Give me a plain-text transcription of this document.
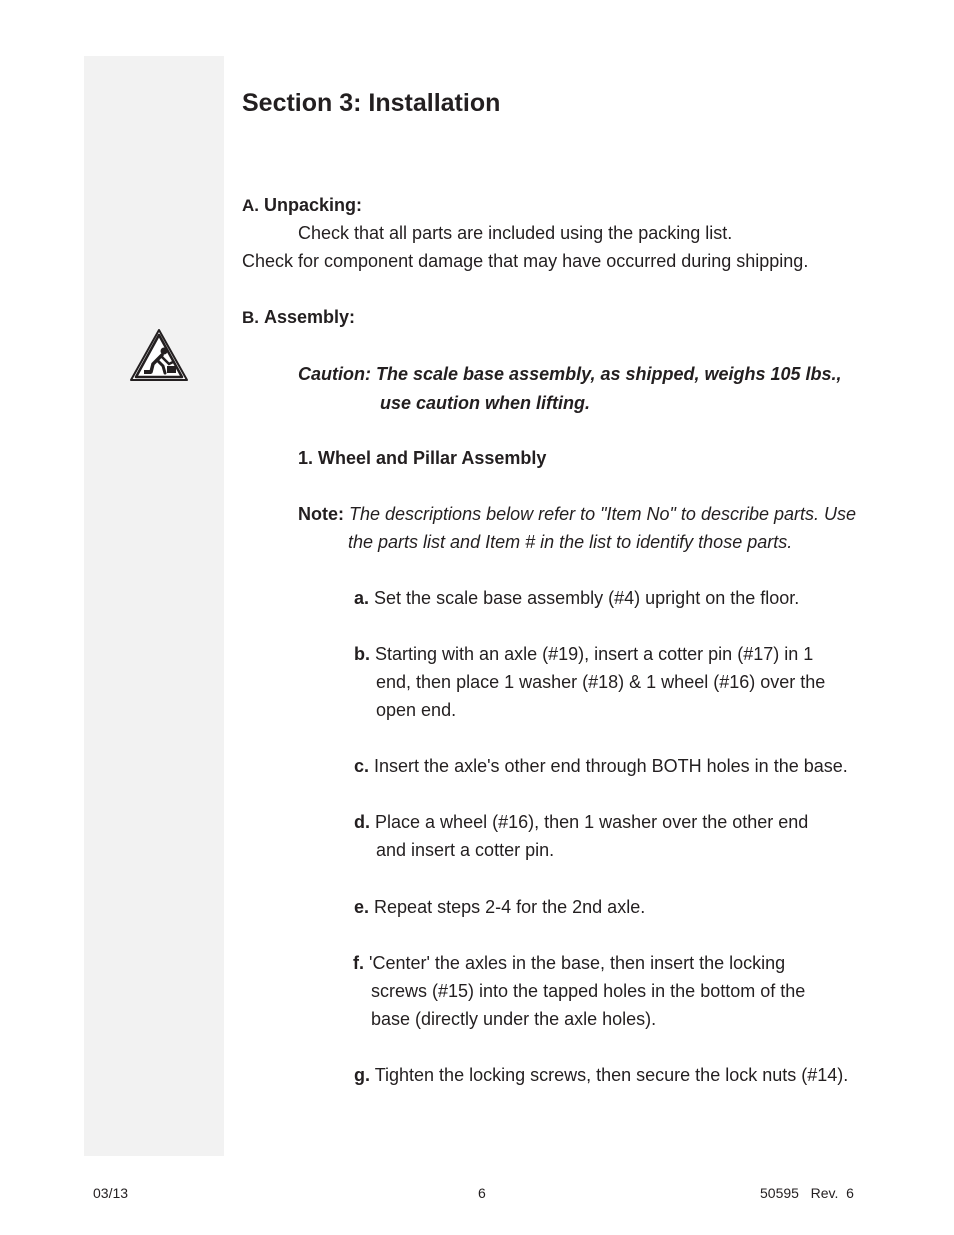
Section 3: Installation
A. Unpacking:
Check that all parts are included using the packing list.
Check for component damage that may have occurred during shipping.
B. Assembly:
Caution: The scale base assembly, as shipped, weighs 105 lbs.,
use caution when lifting.
1. Wheel and Pillar Assembly
Note: The descriptions below refer to "Item No" to describe parts. Use
the parts list and Item # in the list to identify those parts.
a. Set the scale base assembly (#4) upright on the floor.
b. Starting with an axle (#19), insert a cotter pin (#17) in 1
end, then place 1 washer (#18) & 1 wheel (#16) over the
open end.
c. Insert the axle's other end through BOTH holes in the base.
d. Place a wheel (#16), then 1 washer over the other end
and insert a cotter pin.
e. Repeat steps 2-4 for the 2nd axle.
f. 'Center' the axles in the base, then insert the locking
screws (#15) into the tapped holes in the bottom of the
base (directly under the axle holes).
g. Tighten the locking screws, then secure the lock nuts (#14).
03/13	6	50595   Rev.  6
